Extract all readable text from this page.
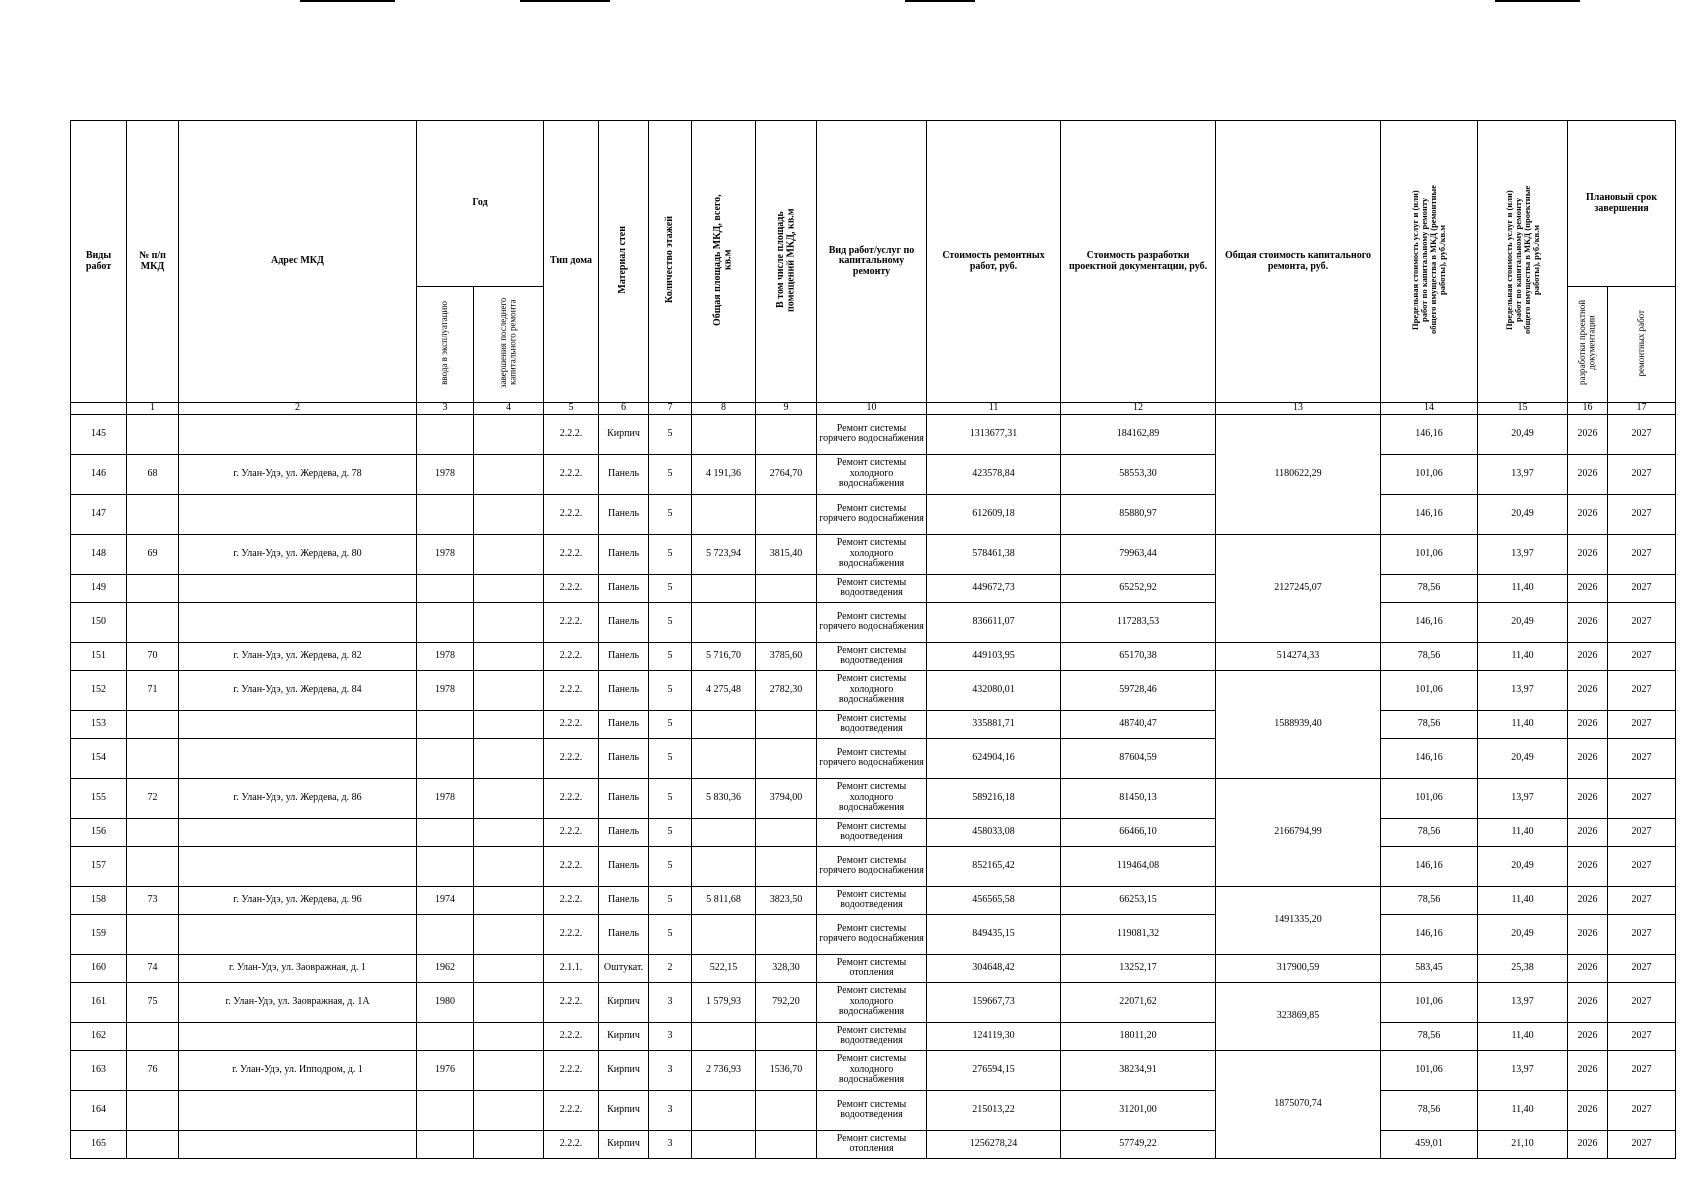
Виды работ	№ п/п МКД	Адрес МКД	Год		Тип дома	Материал стен	Количество этажей	Общая площадь МКД, всего, кв.м	В том числе площадь помещений МКД, кв.м	Вид работ/услуг по капитальному ремонту	Стоимость ремонтных работ, руб.	Стоимость разработки проектной документации, руб.	Общая стоимость капитального ремонта, руб.	Предельная стоимость услуг и (или) работ по капитальному ремонту общего имущества в МКД (ремонтные работы), руб./кв.м	Предельная стоимость услуг и (или) работ по капитальному ремонту общего имущества в МКД (проектные работы), руб./кв.м	Плановый срок завершения	
			ввода в эксплуатацию	завершения последнего капитального ремонта												разработки проектной документации	ремонтных работ
	1	2	3	4	5	6	7	8	9	10	11	12	13	14	15	16	17
145					2.2.2.	Кирпич	5			Ремонт системы горячего водоснабжения	1313677,31	184162,89	1180622,29	146,16	20,49	2026	2027
146	68	г. Улан-Удэ, ул. Жердева, д. 78	1978		2.2.2.	Панель	5	4 191,36	2764,70	Ремонт системы холодного водоснабжения	423578,84	58553,30		101,06	13,97	2026	2027
147					2.2.2.	Панель	5			Ремонт системы горячего водоснабжения	612609,18	85880,97		146,16	20,49	2026	2027
148	69	г. Улан-Удэ, ул. Жердева, д. 80	1978		2.2.2.	Панель	5	5 723,94	3815,40	Ремонт системы холодного водоснабжения	578461,38	79963,44	2127245,07	101,06	13,97	2026	2027
149					2.2.2.	Панель	5			Ремонт системы водоотведения	449672,73	65252,92		78,56	11,40	2026	2027
150					2.2.2.	Панель	5			Ремонт системы горячего водоснабжения	836611,07	117283,53		146,16	20,49	2026	2027
151	70	г. Улан-Удэ, ул. Жердева, д. 82	1978		2.2.2.	Панель	5	5 716,70	3785,60	Ремонт системы водоотведения	449103,95	65170,38	514274,33	78,56	11,40	2026	2027
152	71	г. Улан-Удэ, ул. Жердева, д. 84	1978		2.2.2.	Панель	5	4 275,48	2782,30	Ремонт системы холодного водоснабжения	432080,01	59728,46	1588939,40	101,06	13,97	2026	2027
153					2.2.2.	Панель	5			Ремонт системы водоотведения	335881,71	48740,47		78,56	11,40	2026	2027
154					2.2.2.	Панель	5			Ремонт системы горячего водоснабжения	624904,16	87604,59		146,16	20,49	2026	2027
155	72	г. Улан-Удэ, ул. Жердева, д. 86	1978		2.2.2.	Панель	5	5 830,36	3794,00	Ремонт системы холодного водоснабжения	589216,18	81450,13	2166794,99	101,06	13,97	2026	2027
156					2.2.2.	Панель	5			Ремонт системы водоотведения	458033,08	66466,10		78,56	11,40	2026	2027
157					2.2.2.	Панель	5			Ремонт системы горячего водоснабжения	852165,42	119464,08		146,16	20,49	2026	2027
158	73	г. Улан-Удэ, ул. Жердева, д. 96	1974		2.2.2.	Панель	5	5 811,68	3823,50	Ремонт системы водоотведения	456565,58	66253,15	1491335,20	78,56	11,40	2026	2027
159					2.2.2.	Панель	5			Ремонт системы горячего водоснабжения	849435,15	119081,32		146,16	20,49	2026	2027
160	74	г. Улан-Удэ, ул. Заовражная, д. 1	1962		2.1.1.	Оштукат.	2	522,15	328,30	Ремонт системы отопления	304648,42	13252,17	317900,59	583,45	25,38	2026	2027
161	75	г. Улан-Удэ, ул. Заовражная, д. 1А	1980		2.2.2.	Кирпич	3	1 579,93	792,20	Ремонт системы холодного водоснабжения	159667,73	22071,62	323869,85	101,06	13,97	2026	2027
162					2.2.2.	Кирпич	3			Ремонт системы водоотведения	124119,30	18011,20		78,56	11,40	2026	2027
163	76	г. Улан-Удэ, ул. Ипподром, д. 1	1976		2.2.2.	Кирпич	3	2 736,93	1536,70	Ремонт системы холодного водоснабжения	276594,15	38234,91	1875070,74	101,06	13,97	2026	2027
164					2.2.2.	Кирпич	3			Ремонт системы водоотведения	215013,22	31201,00		78,56	11,40	2026	2027
165					2.2.2.	Кирпич	3			Ремонт системы отопления	1256278,24	57749,22		459,01	21,10	2026	2027
